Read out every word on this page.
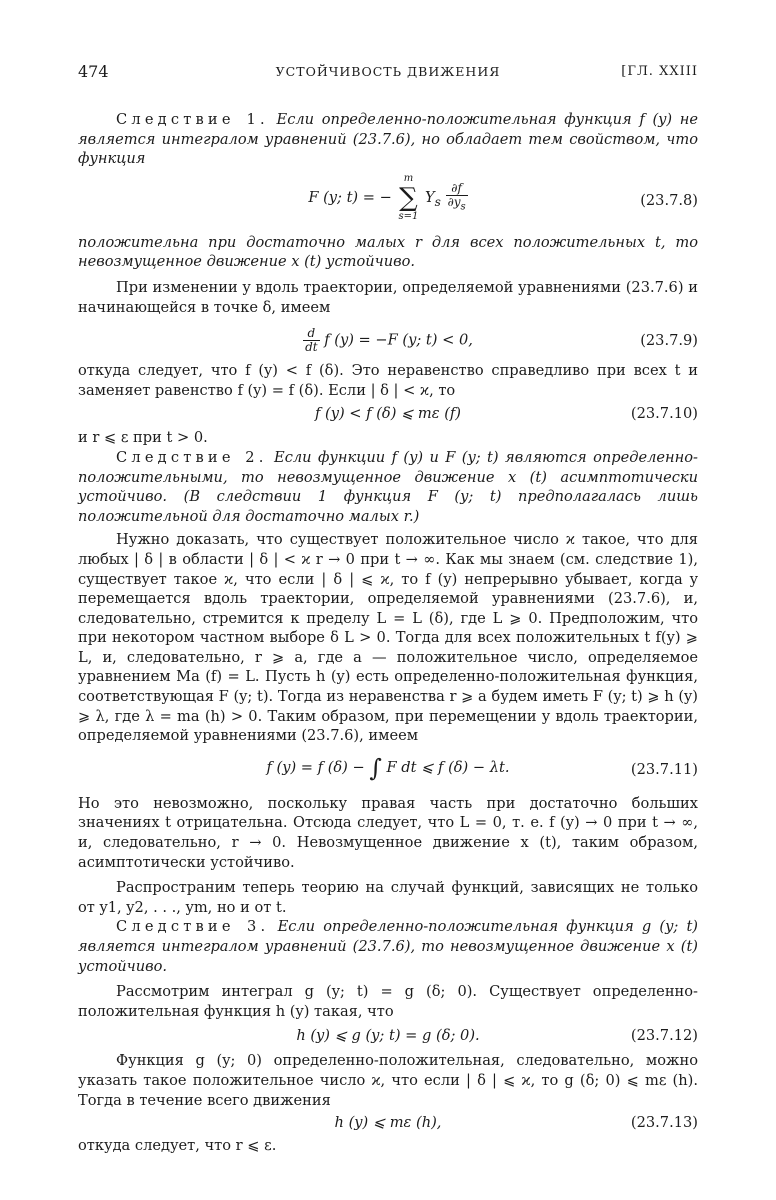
474	УСТОЙЧИВОСТЬ ДВИЖЕНИЯ	[ГЛ. XXIII

Следствие 1. Если определенно-положительная функция f (y) не является интегралом уравнений (23.7.6), но обладает тем свойством, что функция

F (y; t) = −
m
∑
s=1
$Y_s \frac{\partial f}{\partial y_s}$	(23.7.8)

положительна при достаточно малых r для всех положительных t, то невозмущенное движение x (t) устойчиво.

При изменении y вдоль траектории, определяемой уравнениями (23.7.6) и начинающейся в точке δ, имеем

$\frac{d}{dt}$ f (y) = −F (y; t) < 0,	(23.7.9)

откуда следует, что f (y) < f (δ). Это неравенство справедливо при всех t и заменяет равенство f (y) = f (δ). Если | δ | < ϰ, то

f (y) < f (δ) ⩽ mε (f)	(23.7.10)

и r ⩽ ε при t > 0.

Следствие 2. Если функции f (y) и F (y; t) являются определенно-положительными, то невозмущенное движение x (t) асимптотически устойчиво. (В следствии 1 функция F (y; t) предполагалась лишь положительной для достаточно малых r.)

Нужно доказать, что существует положительное число ϰ такое, что для любых | δ | в области | δ | < ϰ r → 0 при t → ∞. Как мы знаем (см. следствие 1), существует такое ϰ, что если | δ | ⩽ ϰ, то f (y) непрерывно убывает, когда y перемещается вдоль траектории, определяемой уравнениями (23.7.6), и, следовательно, стремится к пределу L = L (δ), где L ⩾ 0. Предположим, что при некотором частном выборе δ L > 0. Тогда для всех положительных t f(y) ⩾ L, и, следовательно, r ⩾ a, где a — положительное число, определяемое уравнением Ma (f) = L. Пусть h (y) есть определенно-положительная функция, соответствующая F (y; t). Тогда из неравенства r ⩾ a будем иметь F (y; t) ⩾ h (y) ⩾ λ, где λ = ma (h) > 0. Таким образом, при перемещении y вдоль траектории, определяемой уравнениями (23.7.6), имеем

f (y) = f (δ) − ∫ F dt ⩽ f (δ) − λt.	(23.7.11)

Но это невозможно, поскольку правая часть при достаточно больших значениях t отрицательна. Отсюда следует, что L = 0, т. е. f (y) → 0 при t → ∞, и, следовательно, r → 0. Невозмущенное движение x (t), таким образом, асимптотически устойчиво.

Распространим теперь теорию на случай функций, зависящих не только от y1, y2, . . ., ym, но и от t.

Следствие 3. Если определенно-положительная функция g (y; t) является интегралом уравнений (23.7.6), то невозмущенное движение x (t) устойчиво.

Рассмотрим интеграл g (y; t) = g (δ; 0). Существует определенно-положительная функция h (y) такая, что

h (y) ⩽ g (y; t) = g (δ; 0).	(23.7.12)

Функция g (y; 0) определенно-положительная, следовательно, можно указать такое положительное число ϰ, что если | δ | ⩽ ϰ, то g (δ; 0) ⩽ mε (h). Тогда в течение всего движения

h (y) ⩽ mε (h),	(23.7.13)

откуда следует, что r ⩽ ε.
